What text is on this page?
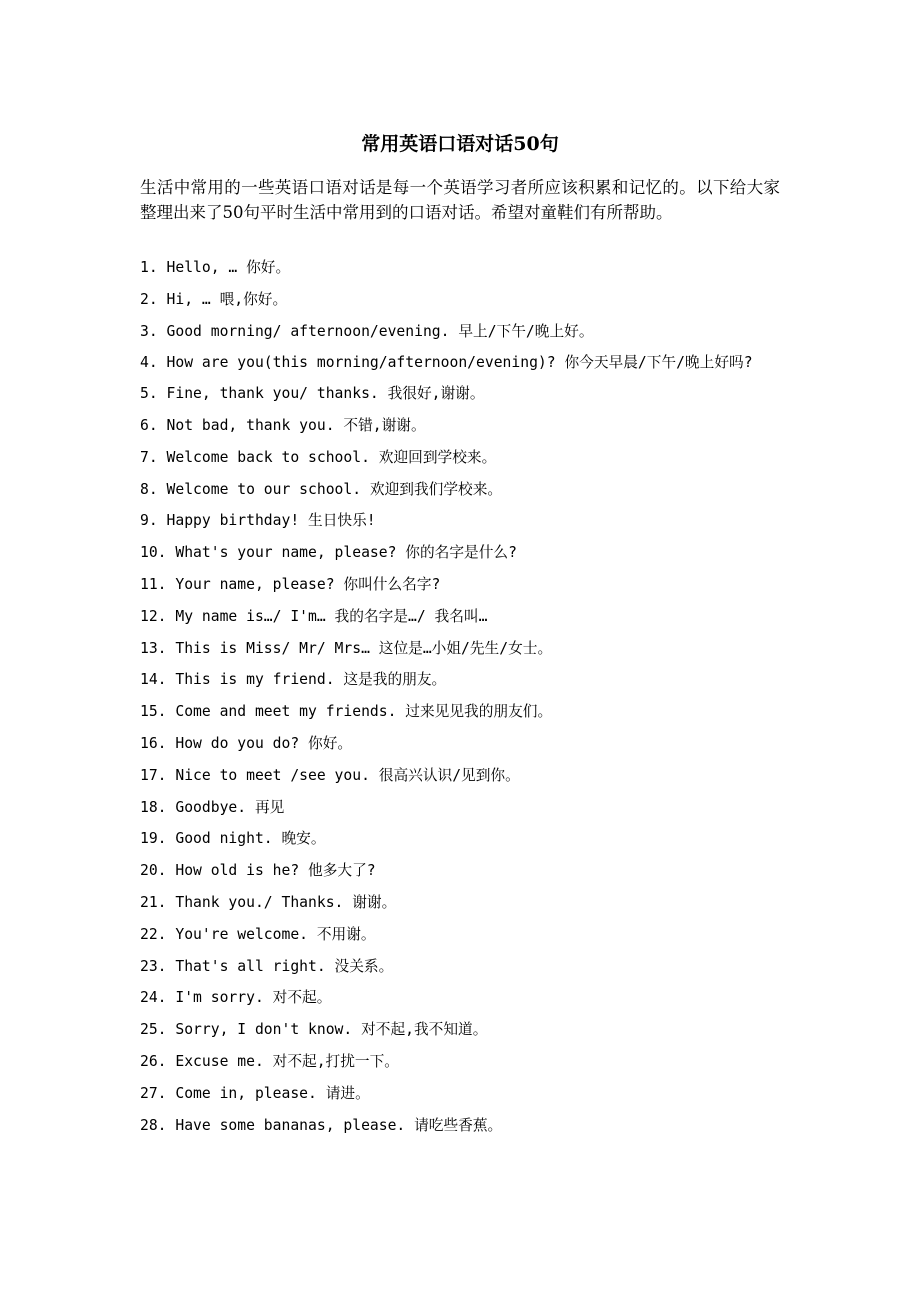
常用英语口语对话50句
生活中常用的一些英语口语对话是每一个英语学习者所应该积累和记忆的。以下给大家整理出来了50句平时生活中常用到的口语对话。希望对童鞋们有所帮助。
1. Hello, … 你好。
2. Hi, … 喂,你好。
3. Good morning/ afternoon/evening. 早上/下午/晚上好。
4. How are you(this morning/afternoon/evening)? 你今天早晨/下午/晚上好吗?
5. Fine, thank you/ thanks. 我很好,谢谢。
6. Not bad, thank you. 不错,谢谢。
7. Welcome back to school. 欢迎回到学校来。
8. Welcome to our school. 欢迎到我们学校来。
9. Happy birthday! 生日快乐!
10. What's your name, please? 你的名字是什么?
11. Your name, please? 你叫什么名字?
12. My name is…/ I'm… 我的名字是…/ 我名叫…
13. This is Miss/ Mr/ Mrs… 这位是…小姐/先生/女士。
14. This is my friend. 这是我的朋友。
15. Come and meet my friends. 过来见见我的朋友们。
16. How do you do? 你好。
17. Nice to meet /see you. 很高兴认识/见到你。
18. Goodbye. 再见
19. Good night. 晚安。
20. How old is he? 他多大了?
21. Thank you./ Thanks. 谢谢。
22. You're welcome. 不用谢。
23. That's all right. 没关系。
24. I'm sorry. 对不起。
25. Sorry, I don't know. 对不起,我不知道。
26. Excuse me. 对不起,打扰一下。
27. Come in, please. 请进。
28. Have some bananas, please. 请吃些香蕉。
